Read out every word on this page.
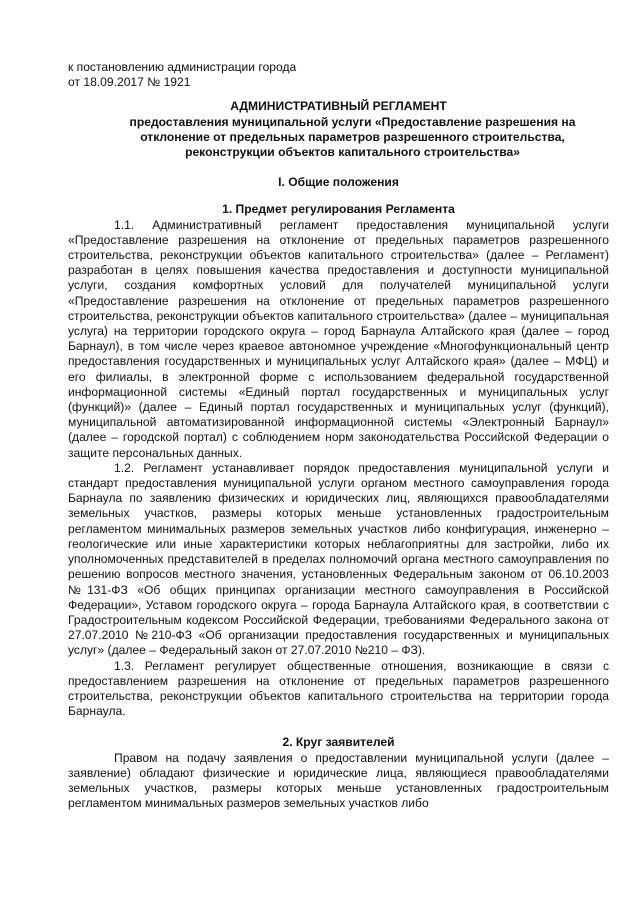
к постановлению администрации города
от 18.09.2017 № 1921
АДМИНИСТРАТИВНЫЙ РЕГЛАМЕНТ
предоставления муниципальной услуги «Предоставление разрешения на отклонение от предельных параметров разрешенного строительства, реконструкции объектов капитального строительства»
I. Общие положения
1. Предмет регулирования Регламента

1.1. Административный регламент предоставления муниципальной услуги «Предоставление разрешения на отклонение от предельных параметров разрешенного строительства, реконструкции объектов капитального строительства» (далее – Регламент) разработан в целях повышения качества предоставления и доступности муниципальной услуги, создания комфортных условий для получателей муниципальной услуги «Предоставление разрешения на отклонение от предельных параметров разрешенного строительства, реконструкции объектов капитального строительства» (далее – муниципальная услуга) на территории городского округа – город Барнаула Алтайского края (далее – город Барнаул), в том числе через краевое автономное учреждение «Многофункциональный центр предоставления государственных и муниципальных услуг Алтайского края» (далее – МФЦ) и его филиалы, в электронной форме с использованием федеральной государственной информационной системы «Единый портал государственных и муниципальных услуг (функций)» (далее – Единый портал государственных и муниципальных услуг (функций), муниципальной автоматизированной информационной системы «Электронный Барнаул» (далее – городской портал) с соблюдением норм законодательства Российской Федерации о защите персональных данных.

1.2. Регламент устанавливает порядок предоставления муниципальной услуги и стандарт предоставления муниципальной услуги органом местного самоуправления города Барнаула по заявлению физических и юридических лиц, являющихся правообладателями земельных участков, размеры которых меньше установленных градостроительным регламентом минимальных размеров земельных участков либо конфигурация, инженерно – геологические или иные характеристики которых неблагоприятны для застройки, либо их уполномоченных представителей в пределах полномочий органа местного самоуправления по решению вопросов местного значения, установленных Федеральным законом от 06.10.2003 №131-ФЗ «Об общих принципах организации местного самоуправления в Российской Федерации», Уставом городского округа – города Барнаула Алтайского края, в соответствии с Градостроительным кодексом Российской Федерации, требованиями Федерального закона от 27.07.2010 №210-ФЗ «Об организации предоставления государственных и муниципальных услуг» (далее – Федеральный закон от 27.07.2010 №210 – ФЗ).

1.3. Регламент регулирует общественные отношения, возникающие в связи с предоставлением разрешения на отклонение от предельных параметров разрешенного строительства, реконструкции объектов капитального строительства на территории города Барнаула.

2. Круг заявителей

Правом на подачу заявления о предоставлении муниципальной услуги (далее – заявление) обладают физические и юридические лица, являющиеся правообладателями земельных участков, размеры которых меньше установленных градостроительным регламентом минимальных размеров земельных участков либо
